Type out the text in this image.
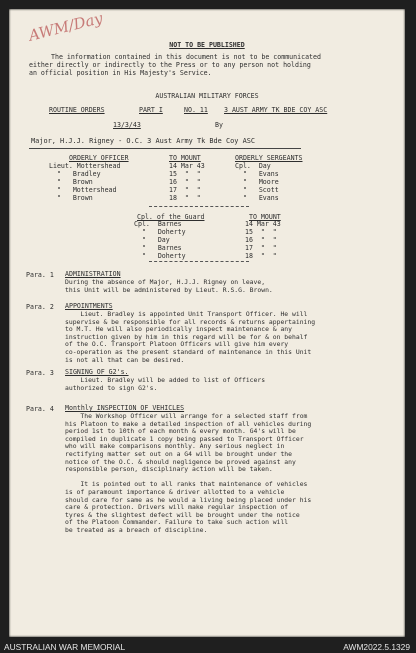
AWM/Day
NOT TO BE PUBLISHED
The information contained in this document is not to be communicated
either directly or indirectly to the Press or to any person not holding
an official position in His Majesty's Service.
AUSTRALIAN MILITARY FORCES
ROUTINE ORDERS	PART I	NO. 11 3 AUST ARMY TK BDE COY ASC
13/3/43	By
Major, H.J.J. Rigney - O.C. 3 Aust Army Tk Bde Coy ASC
ORDERLY OFFICER	TO MOUNT	ORDERLY SERGEANTS
Lieut. Mottershead	14 Mar 43	Cpl.  Day
"   Bradley	15  "  "	"   Evans
"   Brown	16  "  "	"   Moore
"   Mottershead	17  "  "	"   Scott
"   Brown	18  "  "	"   Evans
Cpl. of the Guard	TO MOUNT
Cpl.  Barnes	14 Mar 43
"   Doherty	15  "  "
"   Day	16  "  "
"   Barnes	17  "  "
"   Doherty	18  "  "
Para. 1 ADMINISTRATION
During the absence of Major, H.J.J. Rigney on leave,
this Unit will be administered by Lieut. R.S.G. Brown.
Para. 2 APPOINTMENTS
Lieut. Bradley is appointed Unit Transport Officer. He will
supervise & be responsible for all records & returns appertaining
to M.T. He will also periodically inspect maintenance & any
instruction given by him in this regard will be for & on behalf
of the O.C. Transport Platoon Officers will give him every
co-operation as the present standard of maintenance in this Unit
is not all that can be desired.
Para. 3 SIGNING OF G2's.
Lieut. Bradley will be added to list of Officers
authorized to sign G2's.
Para. 4 Monthly INSPECTION OF VEHICLES
The Workshop Officer will arrange for a selected staff from
his Platoon to make a detailed inspection of all vehicles during
period 1st to 10th of each month & every month. G4's will be
compiled in duplicate 1 copy being passed to Transport Officer
who will make comparisons monthly. Any serious neglect in
rectifying matter set out on a G4 will be brought under the
notice of the O.C. & should negligence be proved against any
responsible person, disciplinary action will be taken.
It is pointed out to all ranks that maintenance of vehicles
is of paramount importance & driver allotted to a vehicle
should care for same as he would a living being placed under his
care & protection. Drivers will make regular inspection of
tyres & the slightest defect will be brought under the notice
of the Platoon Commander. Failure to take such action will
be treated as a breach of discipline.
AUSTRALIAN WAR MEMORIAL	AWM2022.5.1329
